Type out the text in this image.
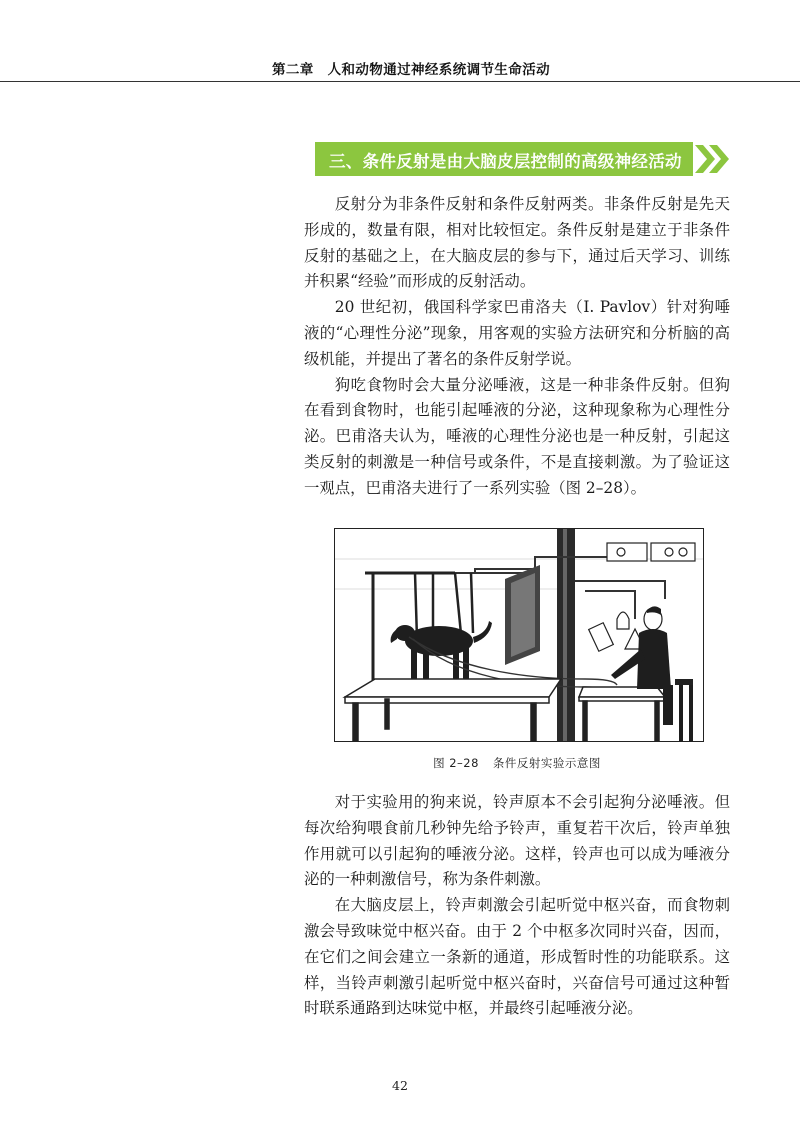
第二章　人和动物通过神经系统调节生命活动
三、条件反射是由大脑皮层控制的高级神经活动

反射分为非条件反射和条件反射两类。非条件反射是先天形成的，数量有限，相对比较恒定。条件反射是建立于非条件反射的基础之上，在大脑皮层的参与下，通过后天学习、训练并积累“经验”而形成的反射活动。

20 世纪初，俄国科学家巴甫洛夫（I. Pavlov）针对狗唾液的“心理性分泌”现象，用客观的实验方法研究和分析脑的高级机能，并提出了著名的条件反射学说。

狗吃食物时会大量分泌唾液，这是一种非条件反射。但狗在看到食物时，也能引起唾液的分泌，这种现象称为心理性分泌。巴甫洛夫认为，唾液的心理性分泌也是一种反射，引起这类反射的刺激是一种信号或条件，不是直接刺激。为了验证这一观点，巴甫洛夫进行了一系列实验（图 2–28）。

图 2–28 条件反射实验示意图

对于实验用的狗来说，铃声原本不会引起狗分泌唾液。但每次给狗喂食前几秒钟先给予铃声，重复若干次后，铃声单独作用就可以引起狗的唾液分泌。这样，铃声也可以成为唾液分泌的一种刺激信号，称为条件刺激。

在大脑皮层上，铃声刺激会引起听觉中枢兴奋，而食物刺激会导致味觉中枢兴奋。由于 2 个中枢多次同时兴奋，因而，在它们之间会建立一条新的通道，形成暂时性的功能联系。这样，当铃声刺激引起听觉中枢兴奋时，兴奋信号可通过这种暂时联系通路到达味觉中枢，并最终引起唾液分泌。

42
